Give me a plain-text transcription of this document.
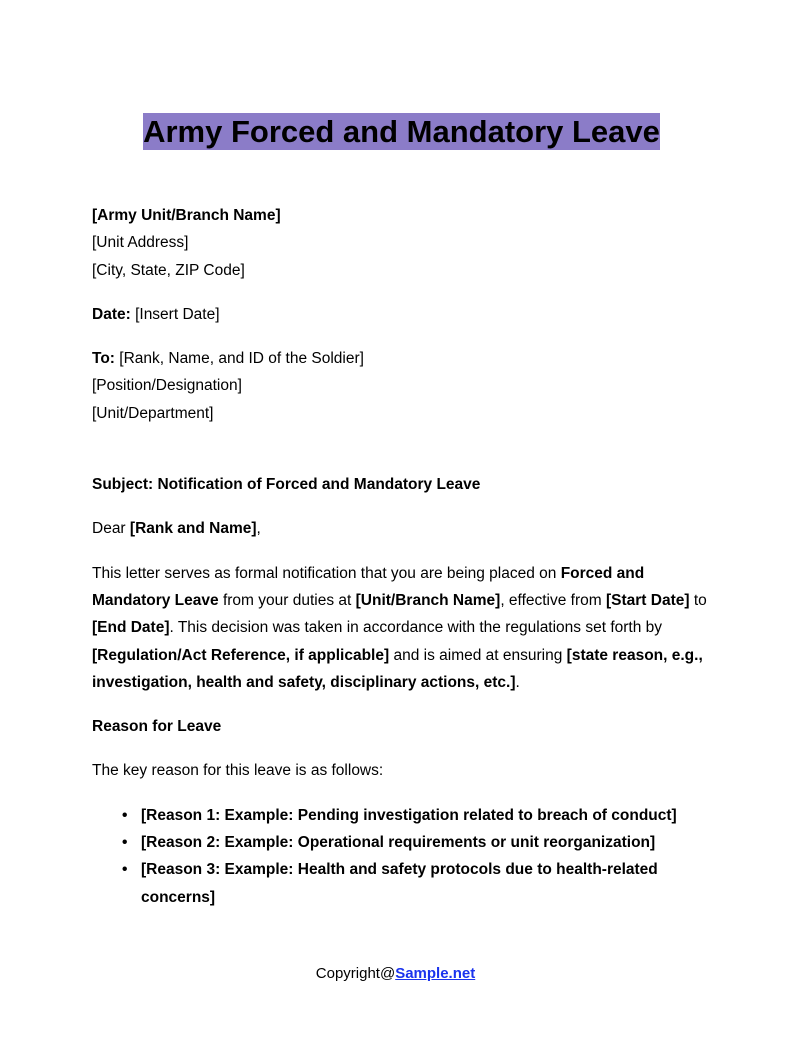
Army Forced and Mandatory Leave
[Army Unit/Branch Name]
[Unit Address]
[City, State, ZIP Code]
Date: [Insert Date]
To: [Rank, Name, and ID of the Soldier]
[Position/Designation]
[Unit/Department]
Subject: Notification of Forced and Mandatory Leave
Dear [Rank and Name],
This letter serves as formal notification that you are being placed on Forced and Mandatory Leave from your duties at [Unit/Branch Name], effective from [Start Date] to [End Date]. This decision was taken in accordance with the regulations set forth by [Regulation/Act Reference, if applicable] and is aimed at ensuring [state reason, e.g., investigation, health and safety, disciplinary actions, etc.].
Reason for Leave
The key reason for this leave is as follows:
• [Reason 1: Example: Pending investigation related to breach of conduct]
• [Reason 2: Example: Operational requirements or unit reorganization]
• [Reason 3: Example: Health and safety protocols due to health-related concerns]
Copyright@Sample.net
